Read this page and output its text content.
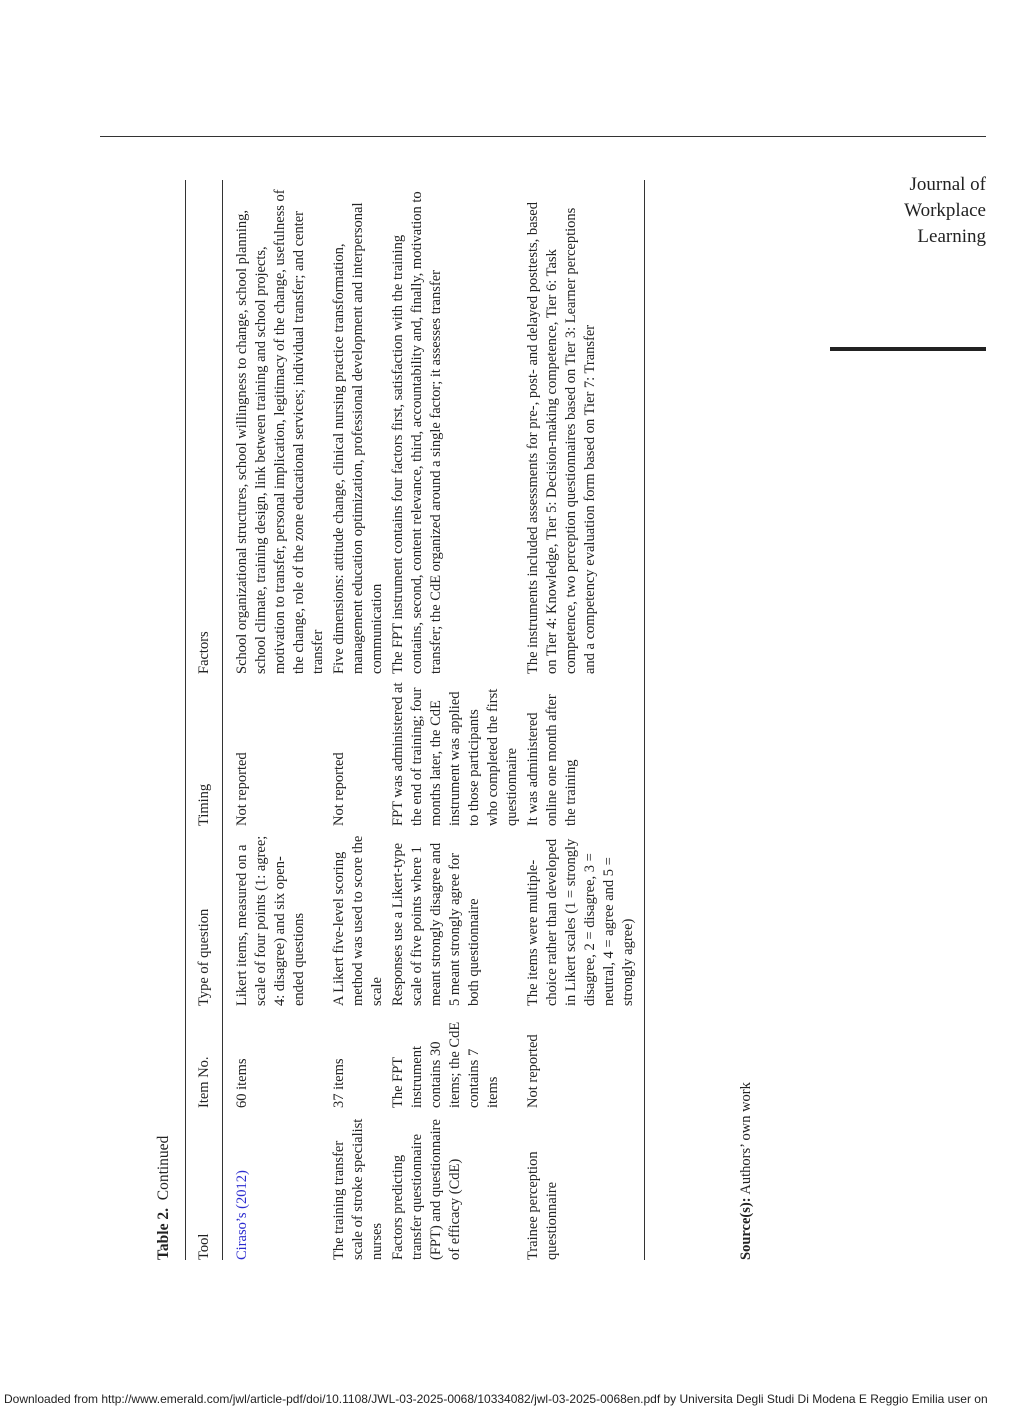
Journal of
Workplace
Learning
Table 2.  Continued
Tool	Item No.	Type of question	Timing	Factors
Ciraso’s (2012)	60 items	Likert items, measured on a scale of four points (1: agree; 4: disagree) and six open-ended questions	Not reported	School organizational structures, school willingness to change, school planning, school climate, training design, link between training and school projects, motivation to transfer, personal implication, legitimacy of the change, usefulness of the change, role of the zone educational services; individual transfer; and center transfer
The training transfer scale of stroke specialist nurses	37 items	A Likert five-level scoring method was used to score the scale	Not reported	Five dimensions: attitude change, clinical nursing practice transformation, management education optimization, professional development and interpersonal communication
Factors predicting transfer questionnaire (FPT) and questionnaire of efficacy (CdE)	The FPT instrument contains 30 items; the CdE contains 7 items	Responses use a Likert-type scale of five points where 1 meant strongly disagree and 5 meant strongly agree for both questionnaire	FPT was administered at the end of training; four months later, the CdE instrument was applied to those participants who completed the first questionnaire	The FPT instrument contains four factors first, satisfaction with the training contains, second, content relevance, third, accountability and, finally, motivation to transfer; the CdE organized around a single factor; it assesses transfer
Trainee perception questionnaire	Not reported	The items were multiple-choice rather than developed in Likert scales (1 = strongly disagree, 2 = disagree, 3 = neutral, 4 = agree and 5 = strongly agree)	It was administered online one month after the training	The instruments included assessments for pre-, post- and delayed posttests, based on Tier 4: Knowledge, Tier 5: Decision-making competence, Tier 6: Task competence, two perception questionnaires based on Tier 3: Learner perceptions and a competency evaluation form based on Tier 7: Transfer
Source(s): Authors’ own work
Downloaded from http://www.emerald.com/jwl/article-pdf/doi/10.1108/JWL-03-2025-0068/10334082/jwl-03-2025-0068en.pdf by Universita Degli Studi Di Modena E Reggio Emilia user on
